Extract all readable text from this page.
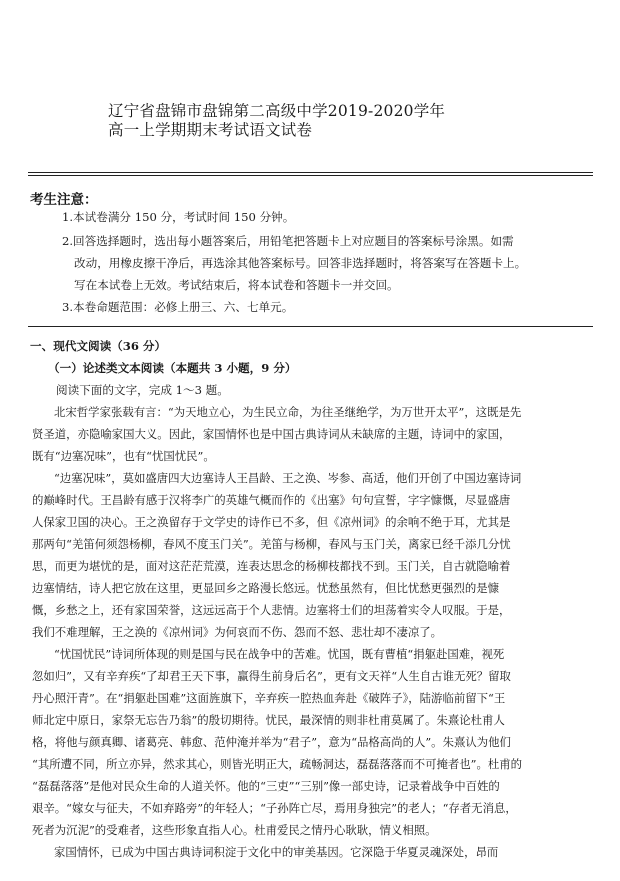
辽宁省盘锦市盘锦第二高级中学2019-2020学年
高一上学期期末考试语文试卷
考生注意：
1.本试卷满分 150 分，考试时间 150 分钟。
2.回答选择题时，选出每小题答案后，用铅笔把答题卡上对应题目的答案标号涂黑。如需
改动，用橡皮擦干净后，再选涂其他答案标号。回答非选择题时，将答案写在答题卡上。
写在本试卷上无效。考试结束后，将本试卷和答题卡一并交回。
3.本卷命题范围：必修上册三、六、七单元。
一、现代文阅读（36 分）
（一）论述类文本阅读（本题共 3 小题，9 分）
阅读下面的文字，完成 1～3 题。
北宋哲学家张载有言：“为天地立心，为生民立命，为往圣继绝学，为万世开太平”，这既是先
贤圣道，亦隐喻家国大义。因此，家国情怀也是中国古典诗词从未缺席的主题，诗词中的家国，
既有“边塞况味”，也有“忧国忧民”。
“边塞况味”，莫如盛唐四大边塞诗人王昌龄、王之涣、岑参、高适，他们开创了中国边塞诗词
的巅峰时代。王昌龄有感于汉将李广的英雄气概而作的《出塞》句句宣誓，字字慷慨，尽显盛唐
人保家卫国的决心。王之涣留存于文学史的诗作已不多，但《凉州词》的余响不绝于耳，尤其是
那两句“羌笛何须怨杨柳，春风不度玉门关”。羌笛与杨柳，春风与玉门关，离家已经千添几分忧
思，而更为堪忧的是，面对这茫茫荒漠，连表达思念的杨柳枝都找不到。玉门关，自古就隐喻着
边塞情结，诗人把它放在这里，更显回乡之路漫长悠远。忧愁虽然有，但比忧愁更强烈的是慷
慨，乡愁之上，还有家国荣誉，这远远高于个人悲情。边塞将士们的坦荡着实令人叹服。于是，
我们不难理解，王之涣的《凉州词》为何哀而不伤、怨而不怒、悲壮却不凄凉了。
“忧国忧民”诗词所体现的则是国与民在战争中的苦难。忧国，既有曹植“捐躯赴国难，视死
忽如归”，又有辛弃疾“了却君王天下事，赢得生前身后名”，更有文天祥“人生自古谁无死？留取
丹心照汗青”。在“捐躯赴国难”这面旌旗下，辛弃疾一腔热血奔赴《破阵子》，陆游临前留下“王
师北定中原日，家祭无忘告乃翁”的殷切期待。忧民，最深情的则非杜甫莫属了。朱熹论杜甫人
格，将他与颜真卿、诸葛亮、韩愈、范仲淹并举为“君子”，意为“品格高尚的人”。朱熹认为他们
“其所遭不同，所立亦异，然求其心，则皆光明正大，疏畅洞达，磊磊落落而不可掩者也”。杜甫的
“磊磊落落”是他对民众生命的人道关怀。他的“三吏”“三别”像一部史诗，记录着战争中百姓的
艰辛。“嫁女与征夫，不如弃路旁”的年轻人；“子孙阵亡尽，焉用身独完”的老人；“存者无消息，
死者为沉泥”的受难者，这些形象直指人心。杜甫爱民之情丹心耿耿，情义相照。
家国情怀，已成为中国古典诗词积淀于文化中的审美基因。它深隐于华夏灵魂深处，昂而
